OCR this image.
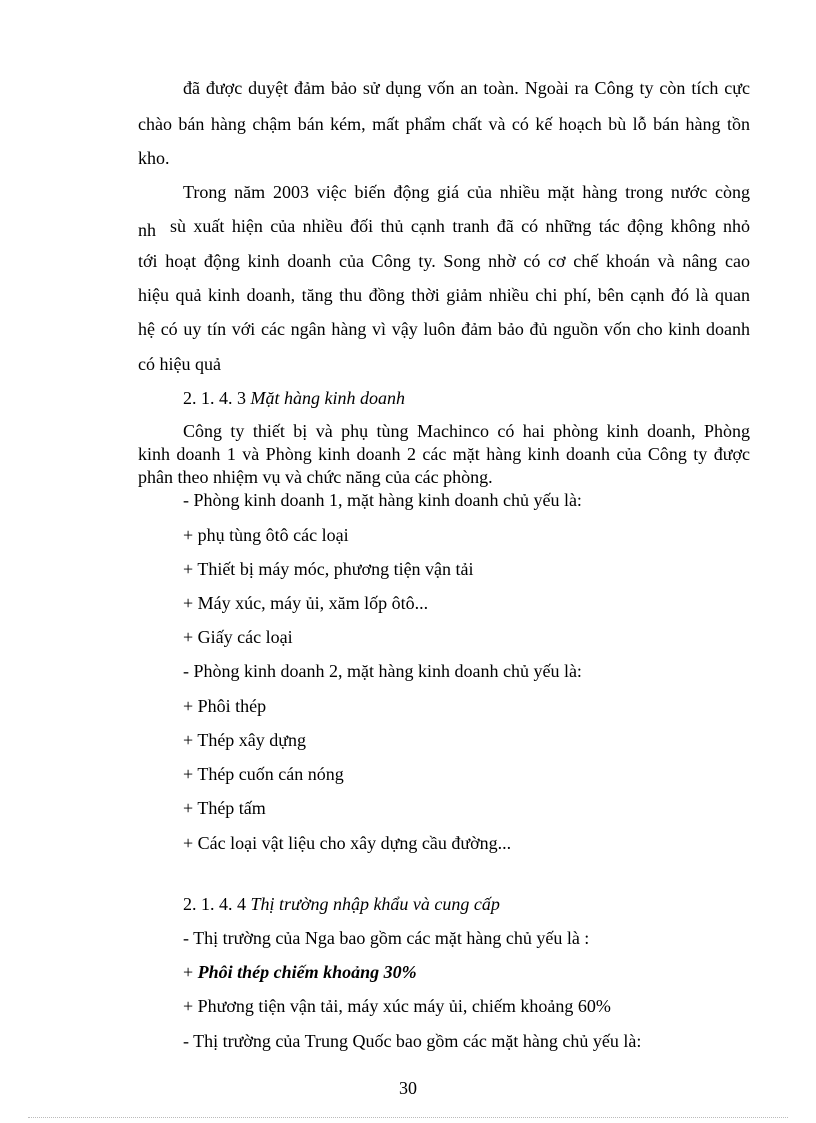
đã được duyệt đảm bảo sử dụng vốn an toàn. Ngoài ra Công ty còn tích cực
chào bán hàng chậm bán kém, mất phẩm chất và có kế hoạch bù lỗ bán hàng tồn
kho.
Trong năm 2003 việc biến động giá của nhiều mặt hàng trong nước còng
nh sù xuất hiện của nhiều đối thủ cạnh tranh đã có những tác động không nhỏ
tới hoạt động kinh doanh của Công ty. Song nhờ có cơ chế khoán và nâng cao
hiệu quả kinh doanh, tăng thu đồng thời giảm nhiều chi phí, bên cạnh đó là quan
hệ có uy tín với các ngân hàng vì vậy luôn đảm bảo đủ nguồn vốn cho kinh doanh
có hiệu quả
2. 1. 4. 3 Mặt hàng kinh doanh
Công ty thiết bị và phụ tùng Machinco có hai phòng kinh doanh, Phòng
kinh doanh 1 và Phòng kinh doanh 2 các mặt hàng kinh doanh của Công ty được
phân theo nhiệm vụ và chức năng của các phòng.
- Phòng kinh doanh 1, mặt hàng kinh doanh chủ yếu là:
+ phụ tùng ôtô các loại
+ Thiết bị máy móc, phương tiện vận tải
+ Máy xúc, máy ủi, xăm lốp ôtô...
+ Giấy các loại
- Phòng kinh doanh 2, mặt hàng kinh doanh chủ yếu là:
+ Phôi thép
+ Thép xây dựng
+ Thép cuốn cán nóng
+ Thép tấm
+ Các loại vật liệu cho xây dựng cầu đường...
2. 1. 4. 4 Thị trường nhập khẩu và cung cấp
- Thị trường của Nga bao gồm các mặt hàng chủ yếu là :
+ Phôi thép chiếm khoảng 30%
+ Phương tiện vận tải, máy xúc máy ủi, chiếm khoảng 60%
- Thị trường của Trung Quốc bao gồm các mặt hàng chủ yếu là:
30
